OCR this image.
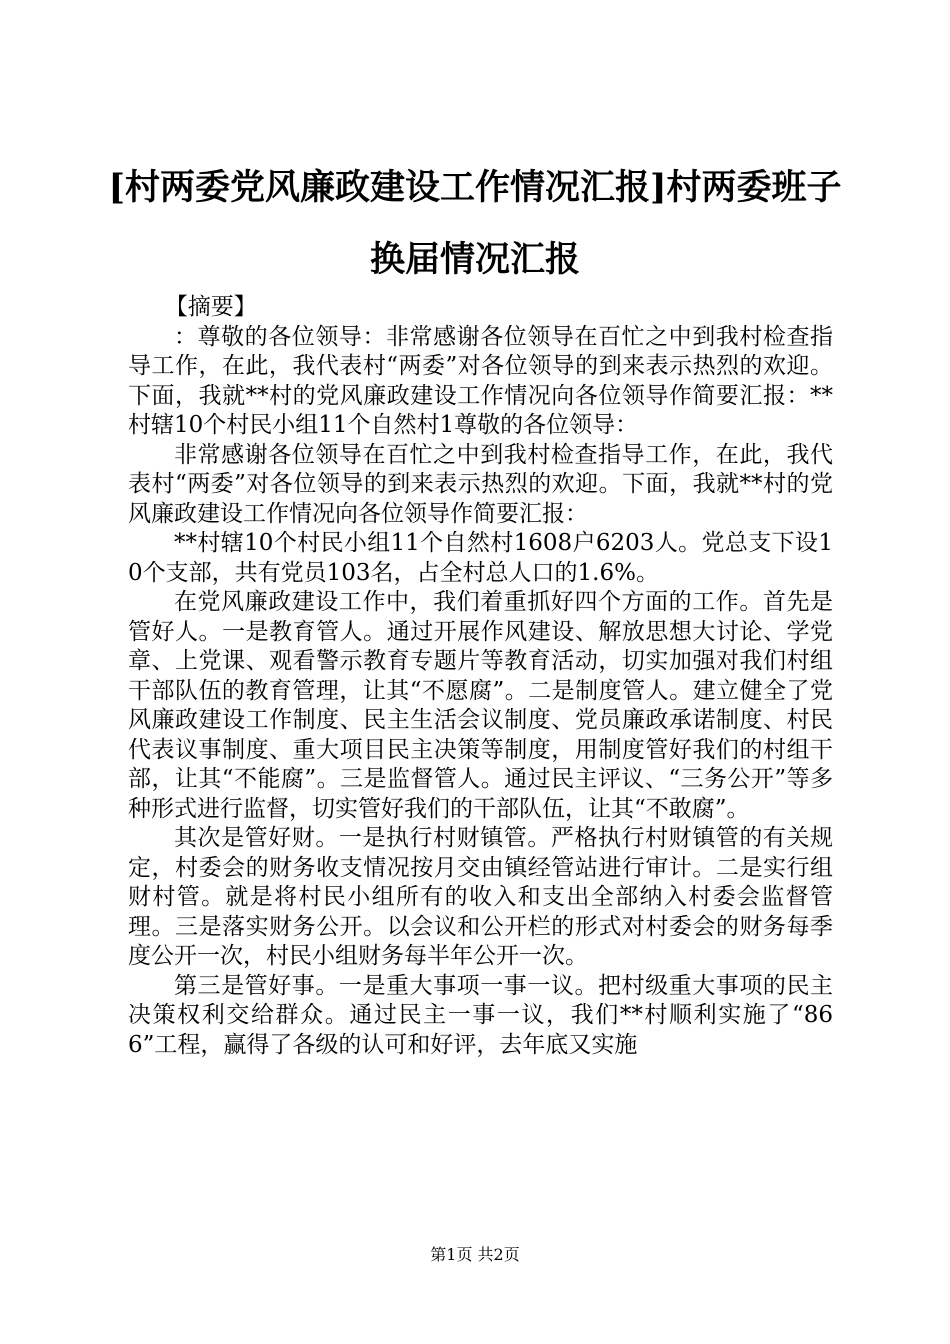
[村两委党风廉政建设工作情况汇报]村两委班子换届情况汇报

【摘要】

：尊敬的各位领导：非常感谢各位领导在百忙之中到我村检查指导工作，在此，我代表村“两委”对各位领导的到来表示热烈的欢迎。下面，我就**村的党风廉政建设工作情况向各位领导作简要汇报：**村辖10个村民小组11个自然村1尊敬的各位领导：

非常感谢各位领导在百忙之中到我村检查指导工作，在此，我代表村“两委”对各位领导的到来表示热烈的欢迎。下面，我就**村的党风廉政建设工作情况向各位领导作简要汇报：

**村辖10个村民小组11个自然村1608户6203人。党总支下设10个支部，共有党员103名，占全村总人口的1.6%。

在党风廉政建设工作中，我们着重抓好四个方面的工作。首先是管好人。一是教育管人。通过开展作风建设、解放思想大讨论、学党章、上党课、观看警示教育专题片等教育活动，切实加强对我们村组干部队伍的教育管理，让其“不愿腐”。二是制度管人。建立健全了党风廉政建设工作制度、民主生活会议制度、党员廉政承诺制度、村民代表议事制度、重大项目民主决策等制度，用制度管好我们的村组干部，让其“不能腐”。三是监督管人。通过民主评议、“三务公开”等多种形式进行监督，切实管好我们的干部队伍，让其“不敢腐”。

其次是管好财。一是执行村财镇管。严格执行村财镇管的有关规定，村委会的财务收支情况按月交由镇经管站进行审计。二是实行组财村管。就是将村民小组所有的收入和支出全部纳入村委会监督管理。三是落实财务公开。以会议和公开栏的形式对村委会的财务每季度公开一次，村民小组财务每半年公开一次。

第三是管好事。一是重大事项一事一议。把村级重大事项的民主决策权利交给群众。通过民主一事一议，我们**村顺利实施了“866”工程，赢得了各级的认可和好评，去年底又实施

第1页 共2页
